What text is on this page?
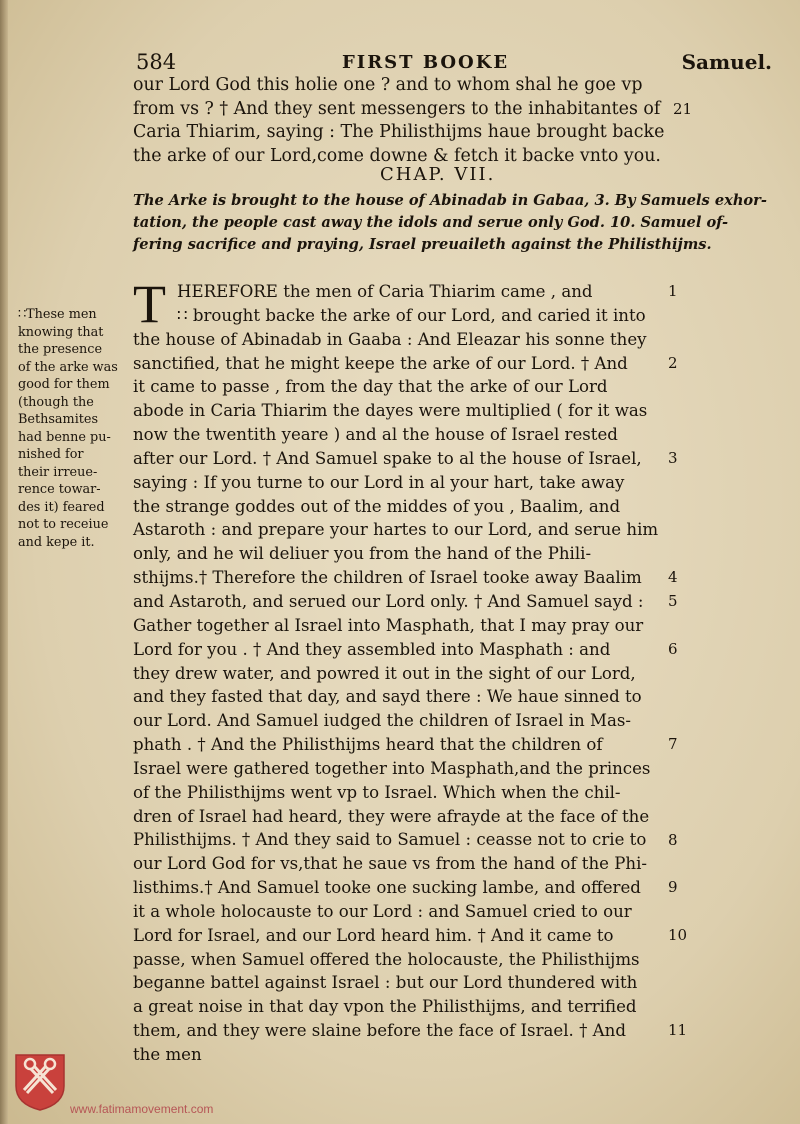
584	FIRST BOOKE	Samuel.
our Lord God this holie one ? and to whom shal he goe vp
from vs ? † And they sent messengers to the inhabitantes of
Caria Thiarim, saying : The Philisthijms haue brought backe
the arke of our Lord,come downe & fetch it backe vnto you.
21
CHAP. VII.
The Arke is brought to the house of Abinadab in Gabaa, 3. By Samuels exhor-
tation, the people cast away the idols and serue only God. 10. Samuel of-
fering sacrifice and praying, Israel preuaileth against the Philisthijms.
T HEREFORE the men of Caria Thiarim came , and
∷ brought backe the arke of our Lord, and caried it into
the house of Abinadab in Gaaba : And Eleazar his sonne they
sanctified, that he might keepe the arke of our Lord. † And
it came to passe , from the day that the arke of our Lord
abode in Caria Thiarim the dayes were multiplied ( for it was
now the twentith yeare ) and al the house of Israel rested
after our Lord. † And Samuel spake to al the house of Israel,
saying : If you turne to our Lord in al your hart, take away
the strange goddes out of the middes of you , Baalim, and
Astaroth : and prepare your hartes to our Lord, and serue him
only, and he wil deliuer you from the hand of the Phili-
sthijms.† Therefore the children of Israel tooke away Baalim
and Astaroth, and serued our Lord only. † And Samuel sayd :
Gather together al Israel into Masphath, that I may pray our
Lord for you . † And they assembled into Masphath : and
they drew water, and powred it out in the sight of our Lord,
and they fasted that day, and sayd there : We haue sinned to
our Lord. And Samuel iudged the children of Israel in Mas-
phath . † And the Philisthijms heard that the children of
Israel were gathered together into Masphath,and the princes
of the Philisthijms went vp to Israel. Which when the chil-
dren of Israel had heard, they were afrayde at the face of the
Philisthijms. † And they said to Samuel : ceasse not to crie to
our Lord God for vs,that he saue vs from the hand of the Phi-
listhims.† And Samuel tooke one sucking lambe, and offered
it a whole holocauste to our Lord : and Samuel cried to our
Lord for Israel, and our Lord heard him. † And it came to
passe, when Samuel offered the holocauste, the Philisthijms
beganne battel against Israel : but our Lord thundered with
a great noise in that day vpon the Philisthijms, and terrified
them, and they were slaine before the face of Israel. † And
the men
1
2
3
4
5
6
7
8
9
10
11
∷These men
knowing that
the presence
of the arke was
good for them
(though the
Bethsamites
had benne pu-
nished for
their irreue-
rence towar-
des it) feared
not to receiue
and kepe it.
www.fatimamovement.com
